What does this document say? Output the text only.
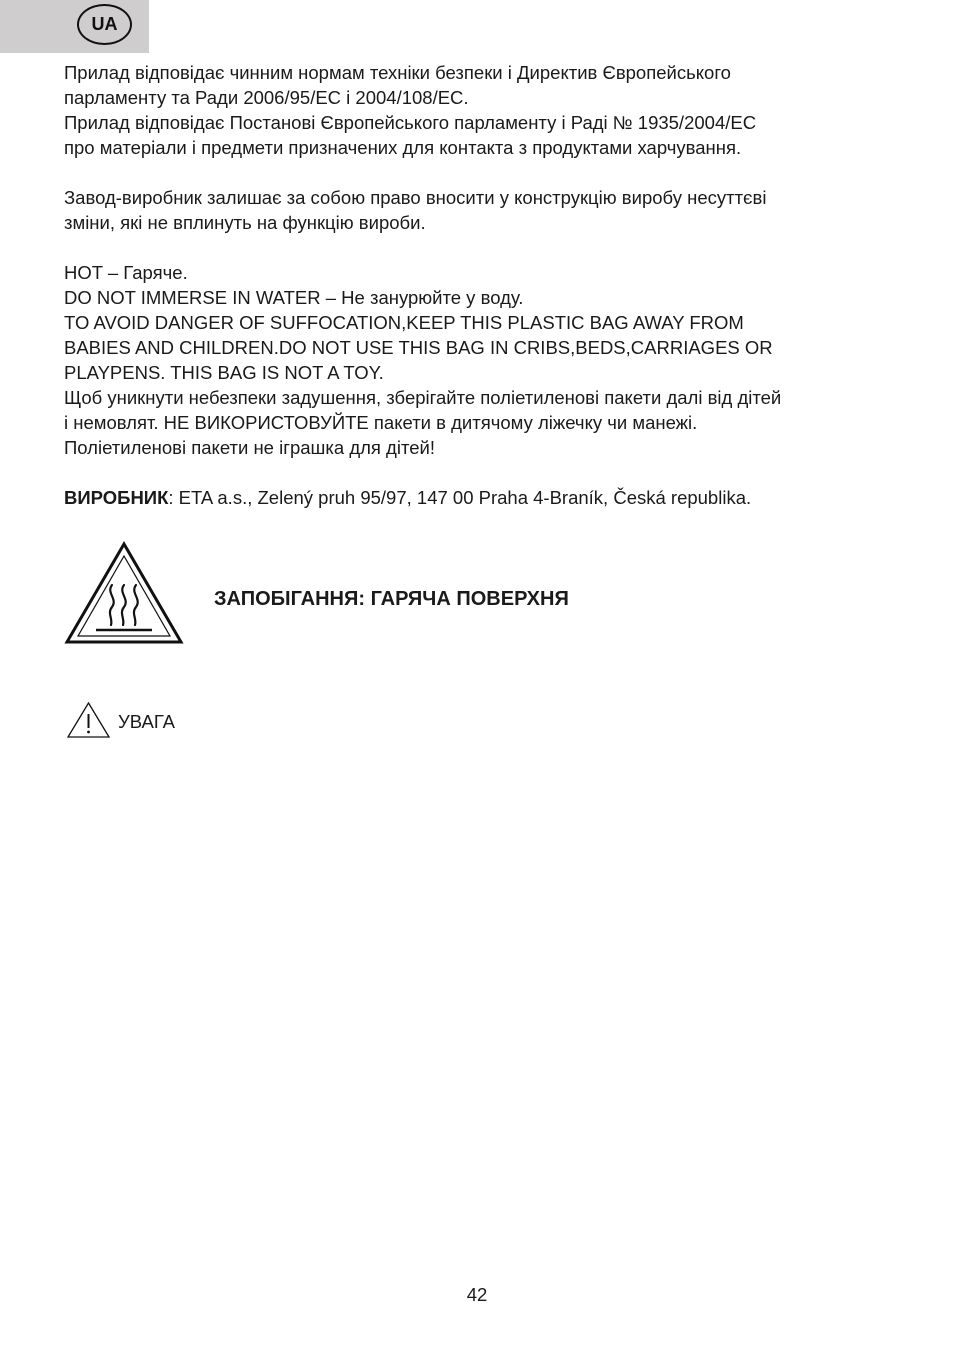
UA

Прилад відповідає чинним нормам техніки безпеки і Директив Європейського

парламенту та Ради 2006/95/ЕС і 2004/108/ЕС.

Прилад відповідає Постанові Європейського парламенту і Раді № 1935/2004/ЕС

про матеріали і предмети призначених для контакта з продуктами харчування.

Завод-виробник залишає за собою право вносити у конструкцію виробу несуттєві

зміни, які не вплинуть на функцію вироби.

HOT – Гаряче.

DO NOT IMMERSE IN WATER – Не занурюйте у воду.

TO AVOID DANGER OF SUFFOCATION,KEEP THIS PLASTIC BAG AWAY FROM

BABIES AND CHILDREN.DO NOT USE THIS BAG IN CRIBS,BEDS,CARRIAGES OR

PLAYPENS. THIS BAG IS NOT A TOY.

Щоб уникнути небезпеки задушення, зберігайте поліетиленові пакети далі від дітей

і немовлят. НЕ ВИКОРИСТОВУЙТЕ пакети в дитячому ліжечку чи манежі.

Поліетиленові пакети не іграшка для дітей!

ВИРОБНИК: ETA a.s., Zelený pruh 95/97, 147 00 Praha 4-Braník, Česká republika.

ЗАПОБІГАННЯ: ГАРЯЧА ПОВЕРХНЯ
УВАГА
42
